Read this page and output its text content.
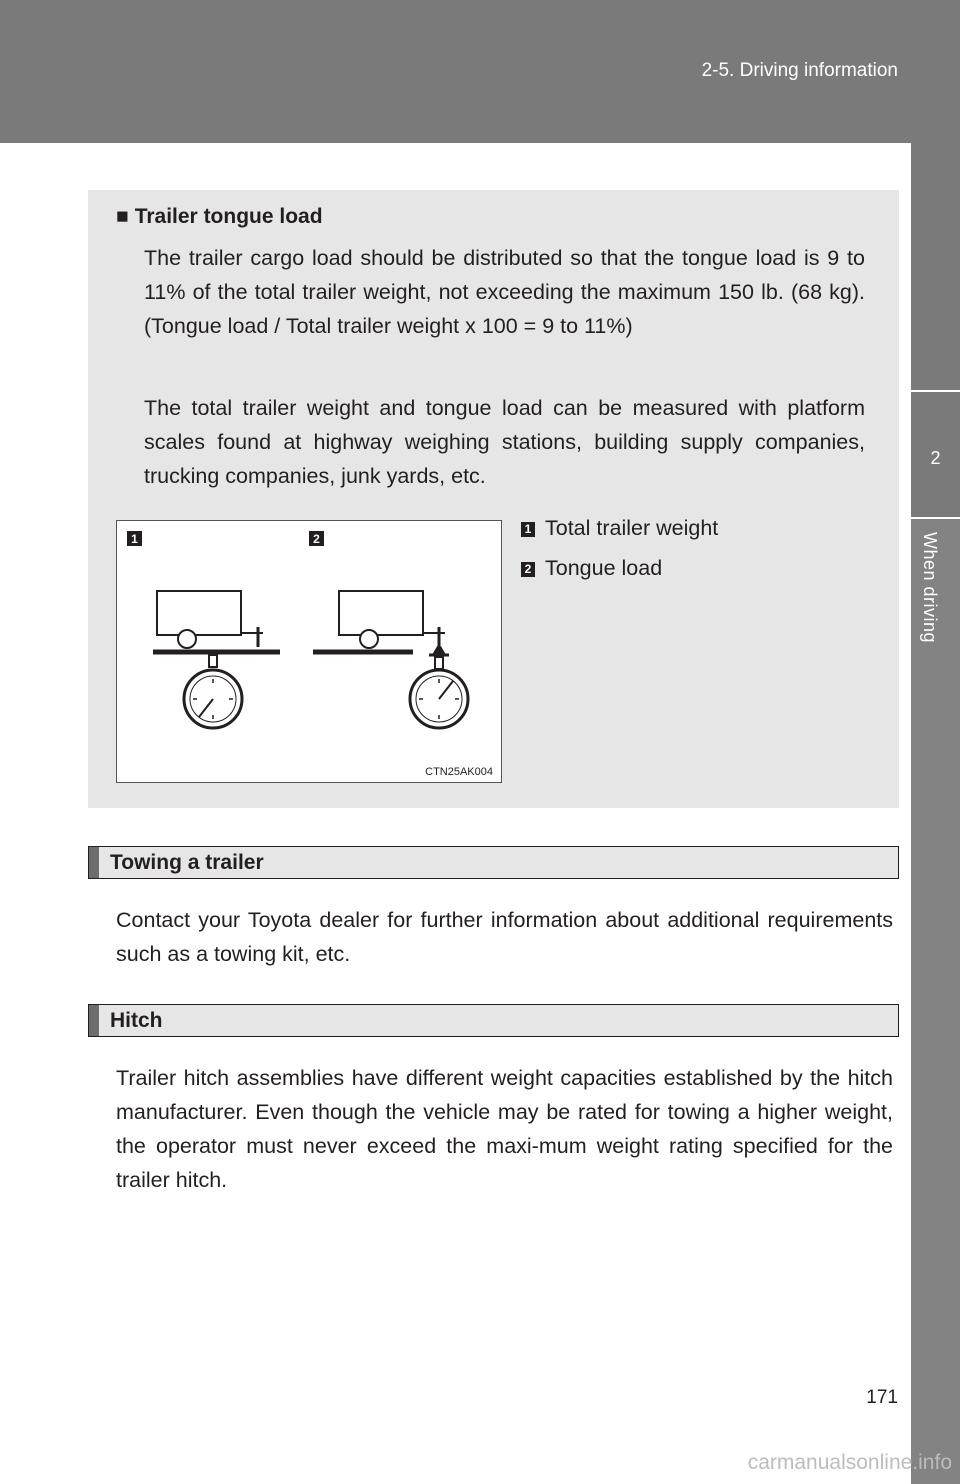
2-5. Driving information
2
When driving
■ Trailer tongue load
The trailer cargo load should be distributed so that the tongue load is 9 to 11% of the total trailer weight, not exceeding the maximum 150 lb. (68 kg). (Tongue load / Total trailer weight x 100 = 9 to 11%)
The total trailer weight and tongue load can be measured with platform scales found at highway weighing stations, building supply companies, trucking companies, junk yards, etc.
1	2
CTN25AK004
1 Total trailer weight
2 Tongue load
Towing a trailer
Contact your Toyota dealer for further information about additional requirements such as a towing kit, etc.
Hitch
Trailer hitch assemblies have different weight capacities established by the hitch manufacturer. Even though the vehicle may be rated for towing a higher weight, the operator must never exceed the maxi-mum weight rating specified for the trailer hitch.
171
carmanualsonline.info
